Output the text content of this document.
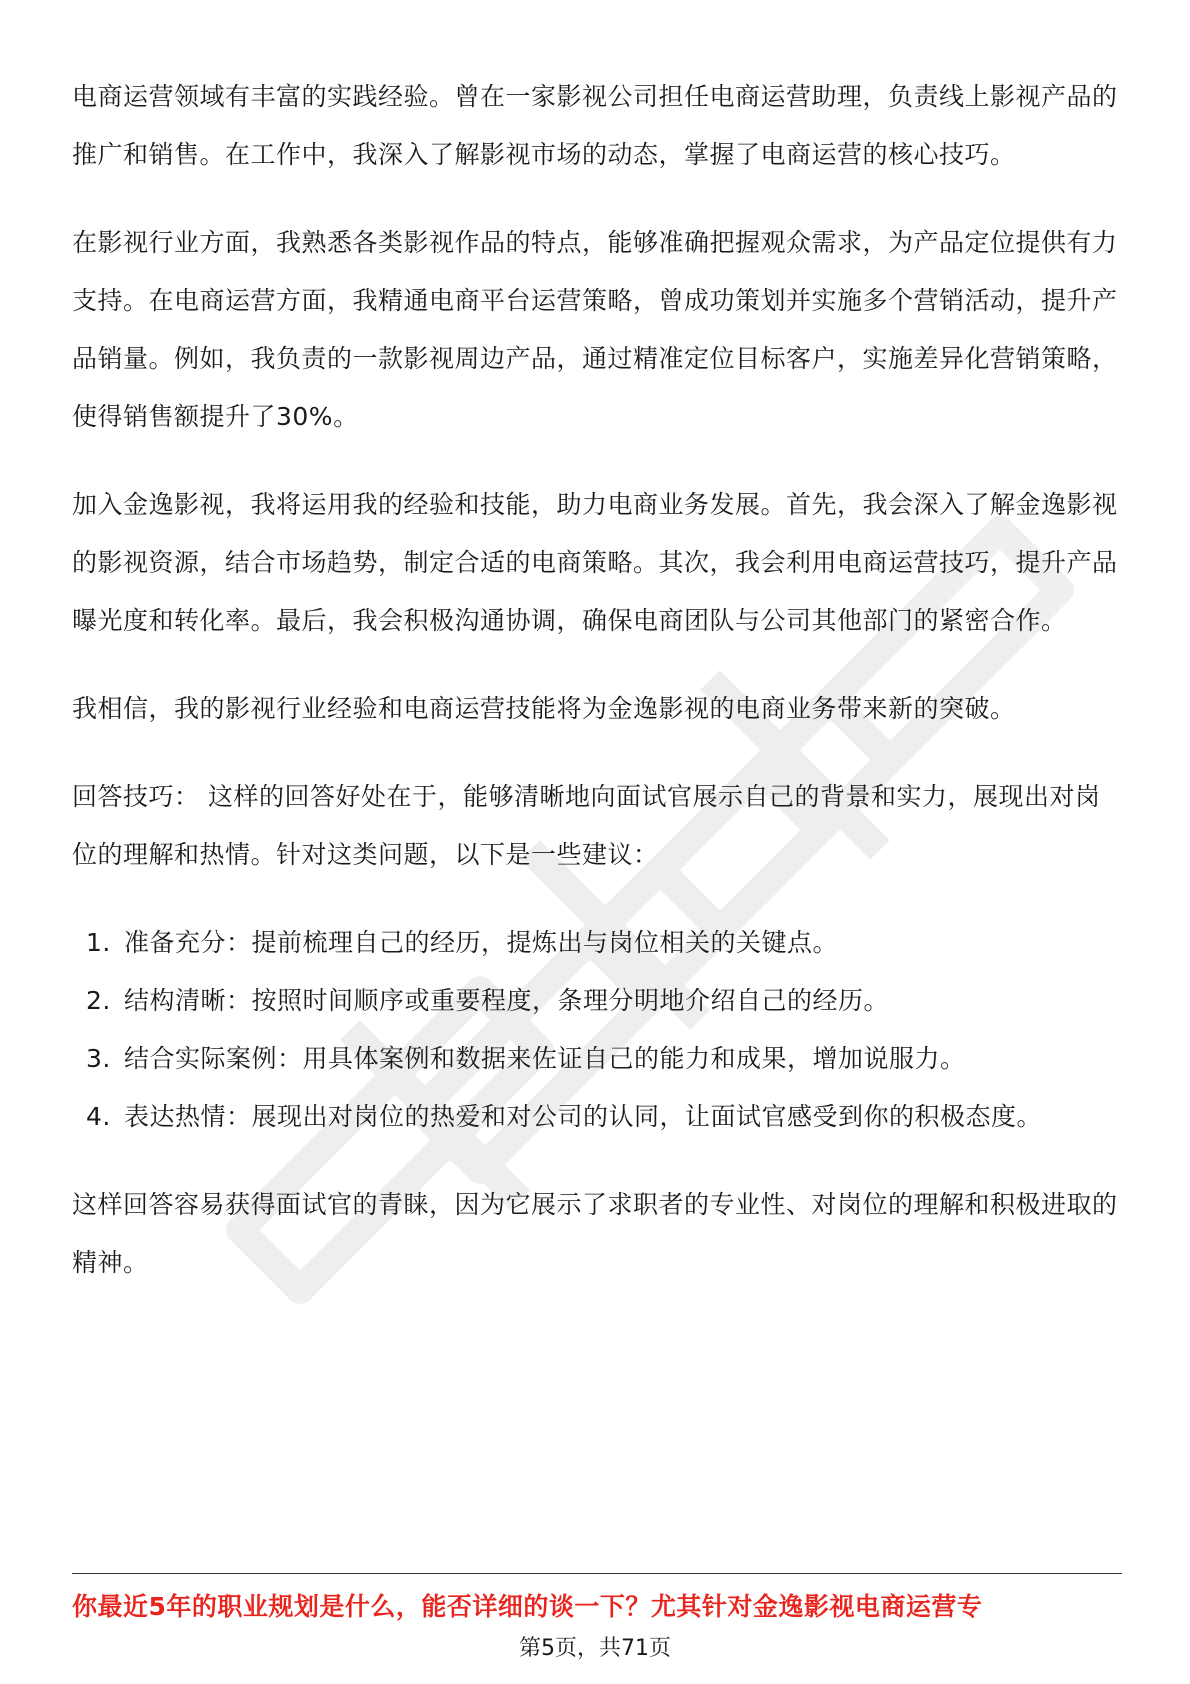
电商运营领域有丰富的实践经验。曾在一家影视公司担任电商运营助理，负责线上影视产品的推广和销售。在工作中，我深入了解影视市场的动态，掌握了电商运营的核心技巧。

在影视行业方面，我熟悉各类影视作品的特点，能够准确把握观众需求，为产品定位提供有力支持。在电商运营方面，我精通电商平台运营策略，曾成功策划并实施多个营销活动，提升产品销量。例如，我负责的一款影视周边产品，通过精准定位目标客户，实施差异化营销策略，使得销售额提升了30%。

加入金逸影视，我将运用我的经验和技能，助力电商业务发展。首先，我会深入了解金逸影视的影视资源，结合市场趋势，制定合适的电商策略。其次，我会利用电商运营技巧，提升产品曝光度和转化率。最后，我会积极沟通协调，确保电商团队与公司其他部门的紧密合作。

我相信，我的影视行业经验和电商运营技能将为金逸影视的电商业务带来新的突破。

回答技巧： 这样的回答好处在于，能够清晰地向面试官展示自己的背景和实力，展现出对岗位的理解和热情。针对这类问题，以下是一些建议：

1. 准备充分：提前梳理自己的经历，提炼出与岗位相关的关键点。
2. 结构清晰：按照时间顺序或重要程度，条理分明地介绍自己的经历。
3. 结合实际案例：用具体案例和数据来佐证自己的能力和成果，增加说服力。
4. 表达热情：展现出对岗位的热爱和对公司的认同，让面试官感受到你的积极态度。

这样回答容易获得面试官的青睐，因为它展示了求职者的专业性、对岗位的理解和积极进取的精神。

你最近5年的职业规划是什么，能否详细的谈一下？尤其针对金逸影视电商运营专
第5页，共71页
